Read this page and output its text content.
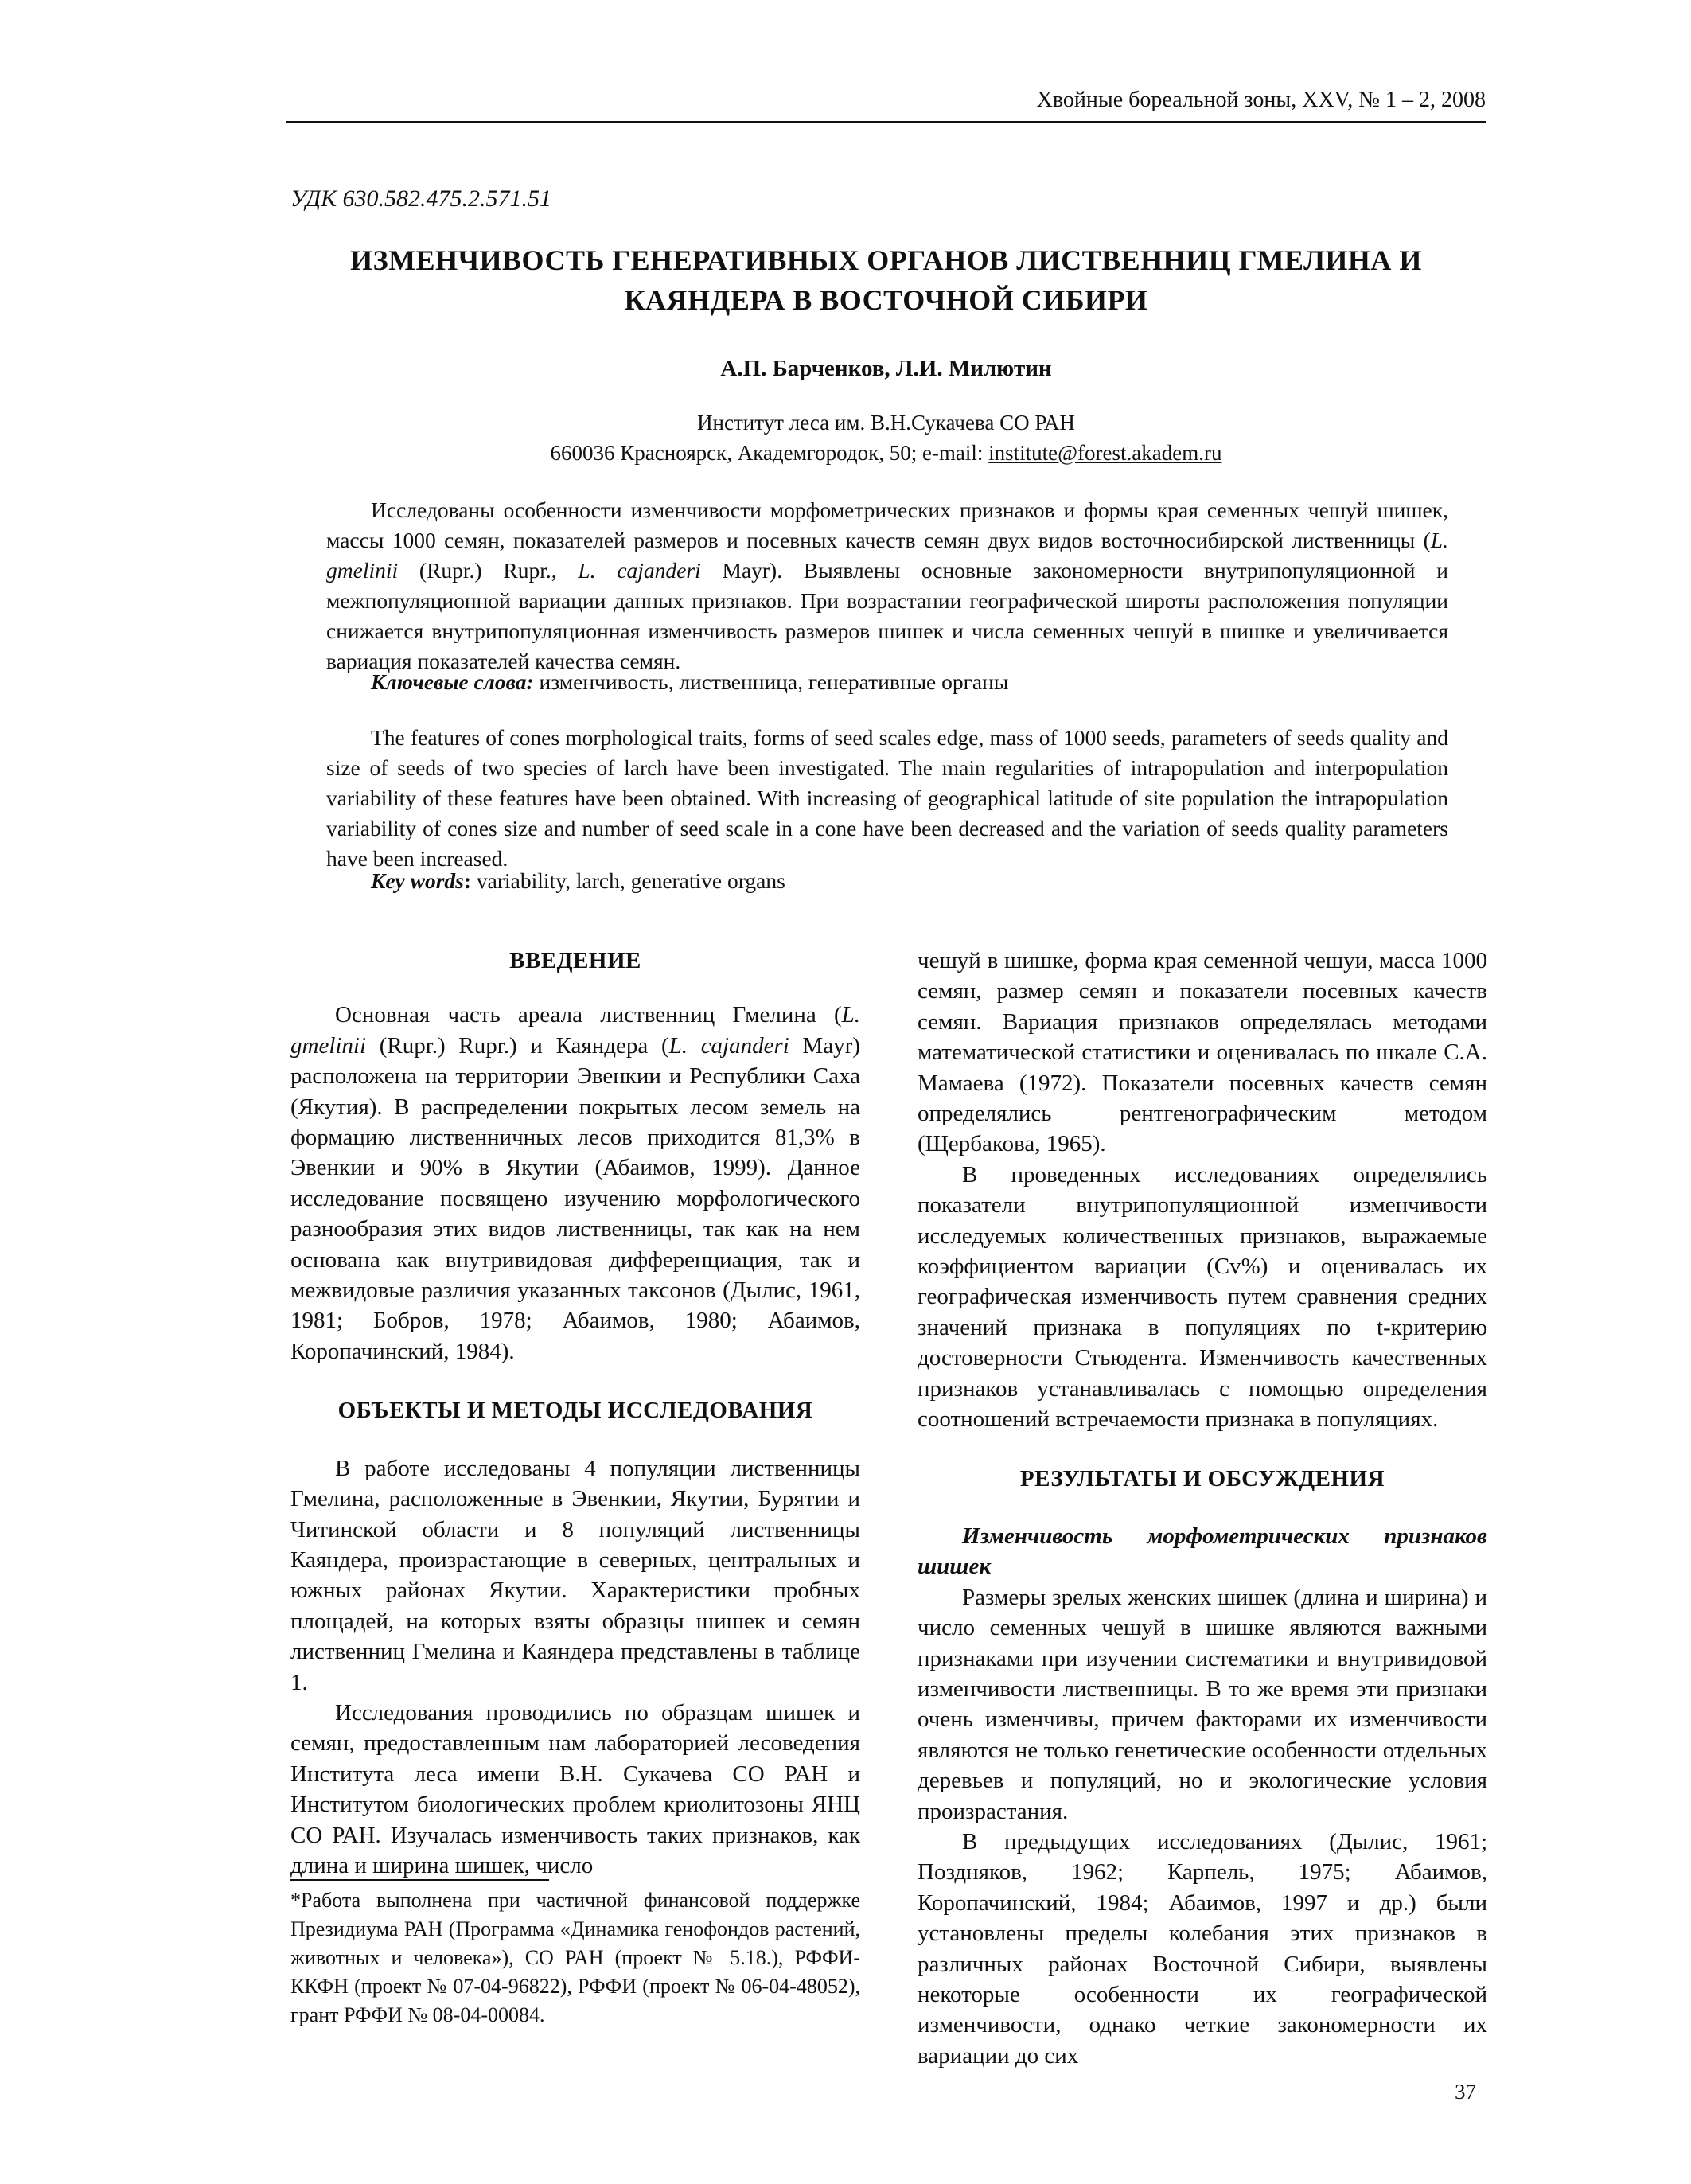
Хвойные бореальной зоны, XXV, № 1 – 2, 2008
УДК 630.582.475.2.571.51
ИЗМЕНЧИВОСТЬ ГЕНЕРАТИВНЫХ ОРГАНОВ ЛИСТВЕННИЦ ГМЕЛИНА И
КАЯНДЕРА В ВОСТОЧНОЙ СИБИРИ
А.П. Барченков, Л.И. Милютин
Институт леса им. В.Н.Сукачева СО РАН
660036 Красноярск, Академгородок, 50; e-mail: institute@forest.akadem.ru

Исследованы особенности изменчивости морфометрических признаков и формы края семенных чешуй шишек, массы 1000 семян, показателей размеров и посевных качеств семян двух видов восточносибирской лиственницы (L. gmelinii (Rupr.) Rupr., L. cajanderi Mayr). Выявлены основные закономерности внутрипопуляционной и межпопуляционной вариации данных признаков. При возрастании географической широты расположения популяции снижается внутрипопуляционная изменчивость размеров шишек и числа семенных чешуй в шишке и увеличивается вариация показателей качества семян.

Ключевые слова: изменчивость, лиственница, генеративные органы

The features of cones morphological traits, forms of seed scales edge, mass of 1000 seeds, parameters of seeds quality and size of seeds of two species of larch have been investigated. The main regularities of intrapopulation and interpopulation variability of these features have been obtained. With increasing of geographical latitude of site population the intrapopulation variability of cones size and number of seed scale in a cone have been decreased and the variation of seeds quality parameters have been increased.

Key words: variability, larch, generative organs

ВВЕДЕНИЕ

Основная часть ареала лиственниц Гмелина (L. gmelinii (Rupr.) Rupr.) и Каяндера (L. cajanderi Mayr) расположена на территории Эвенкии и Республики Саха (Якутия). В распределении покрытых лесом земель на формацию лиственничных лесов приходится 81,3% в Эвенкии и 90% в Якутии (Абаимов, 1999). Данное исследование посвящено изучению морфологического разнообразия этих видов лиственницы, так как на нем основана как внутривидовая дифференциация, так и межвидовые различия указанных таксонов (Дылис, 1961, 1981; Бобров, 1978; Абаимов, 1980; Абаимов, Коропачинский, 1984).

ОБЪЕКТЫ И МЕТОДЫ ИССЛЕДОВАНИЯ

В работе исследованы 4 популяции лиственницы Гмелина, расположенные в Эвенкии, Якутии, Бурятии и Читинской области и 8 популяций лиственницы Каяндера, произрастающие в северных, центральных и южных районах Якутии. Характеристики пробных площадей, на которых взяты образцы шишек и семян лиственниц Гмелина и Каяндера представлены в таблице 1.

Исследования проводились по образцам шишек и семян, предоставленным нам лабораторией лесоведения Института леса имени В.Н. Сукачева СО РАН и Институтом биологических проблем криолитозоны ЯНЦ СО РАН. Изучалась изменчивость таких признаков, как длина и ширина шишек, число

*Работа выполнена при частичной финансовой поддержке Президиума РАН (Программа «Динамика генофондов растений, животных и человека»), СО РАН (проект № 5.18.), РФФИ-ККФН (проект № 07-04-96822), РФФИ (проект № 06-04-48052), грант РФФИ № 08-04-00084.

чешуй в шишке, форма края семенной чешуи, масса 1000 семян, размер семян и показатели посевных качеств семян. Вариация признаков определялась методами математической статистики и оценивалась по шкале С.А. Мамаева (1972). Показатели посевных качеств семян определялись рентгенографическим методом (Щербакова, 1965).

В проведенных исследованиях определялись показатели внутрипопуляционной изменчивости исследуемых количественных признаков, выражаемые коэффициентом вариации (Cv%) и оценивалась их географическая изменчивость путем сравнения средних значений признака в популяциях по t-критерию достоверности Стьюдента. Изменчивость качественных признаков устанавливалась с помощью определения соотношений встречаемости признака в популяциях.

РЕЗУЛЬТАТЫ И ОБСУЖДЕНИЯ

Изменчивость морфометрических признаков шишек

Размеры зрелых женских шишек (длина и ширина) и число семенных чешуй в шишке являются важными признаками при изучении систематики и внутривидовой изменчивости лиственницы. В то же время эти признаки очень изменчивы, причем факторами их изменчивости являются не только генетические особенности отдельных деревьев и популяций, но и экологические условия произрастания.

В предыдущих исследованиях (Дылис, 1961; Поздняков, 1962; Карпель, 1975; Абаимов, Коропачинский, 1984; Абаимов, 1997 и др.) были установлены пределы колебания этих признаков в различных районах Восточной Сибири, выявлены некоторые особенности их географической изменчивости, однако четкие закономерности их вариации до сих

37
